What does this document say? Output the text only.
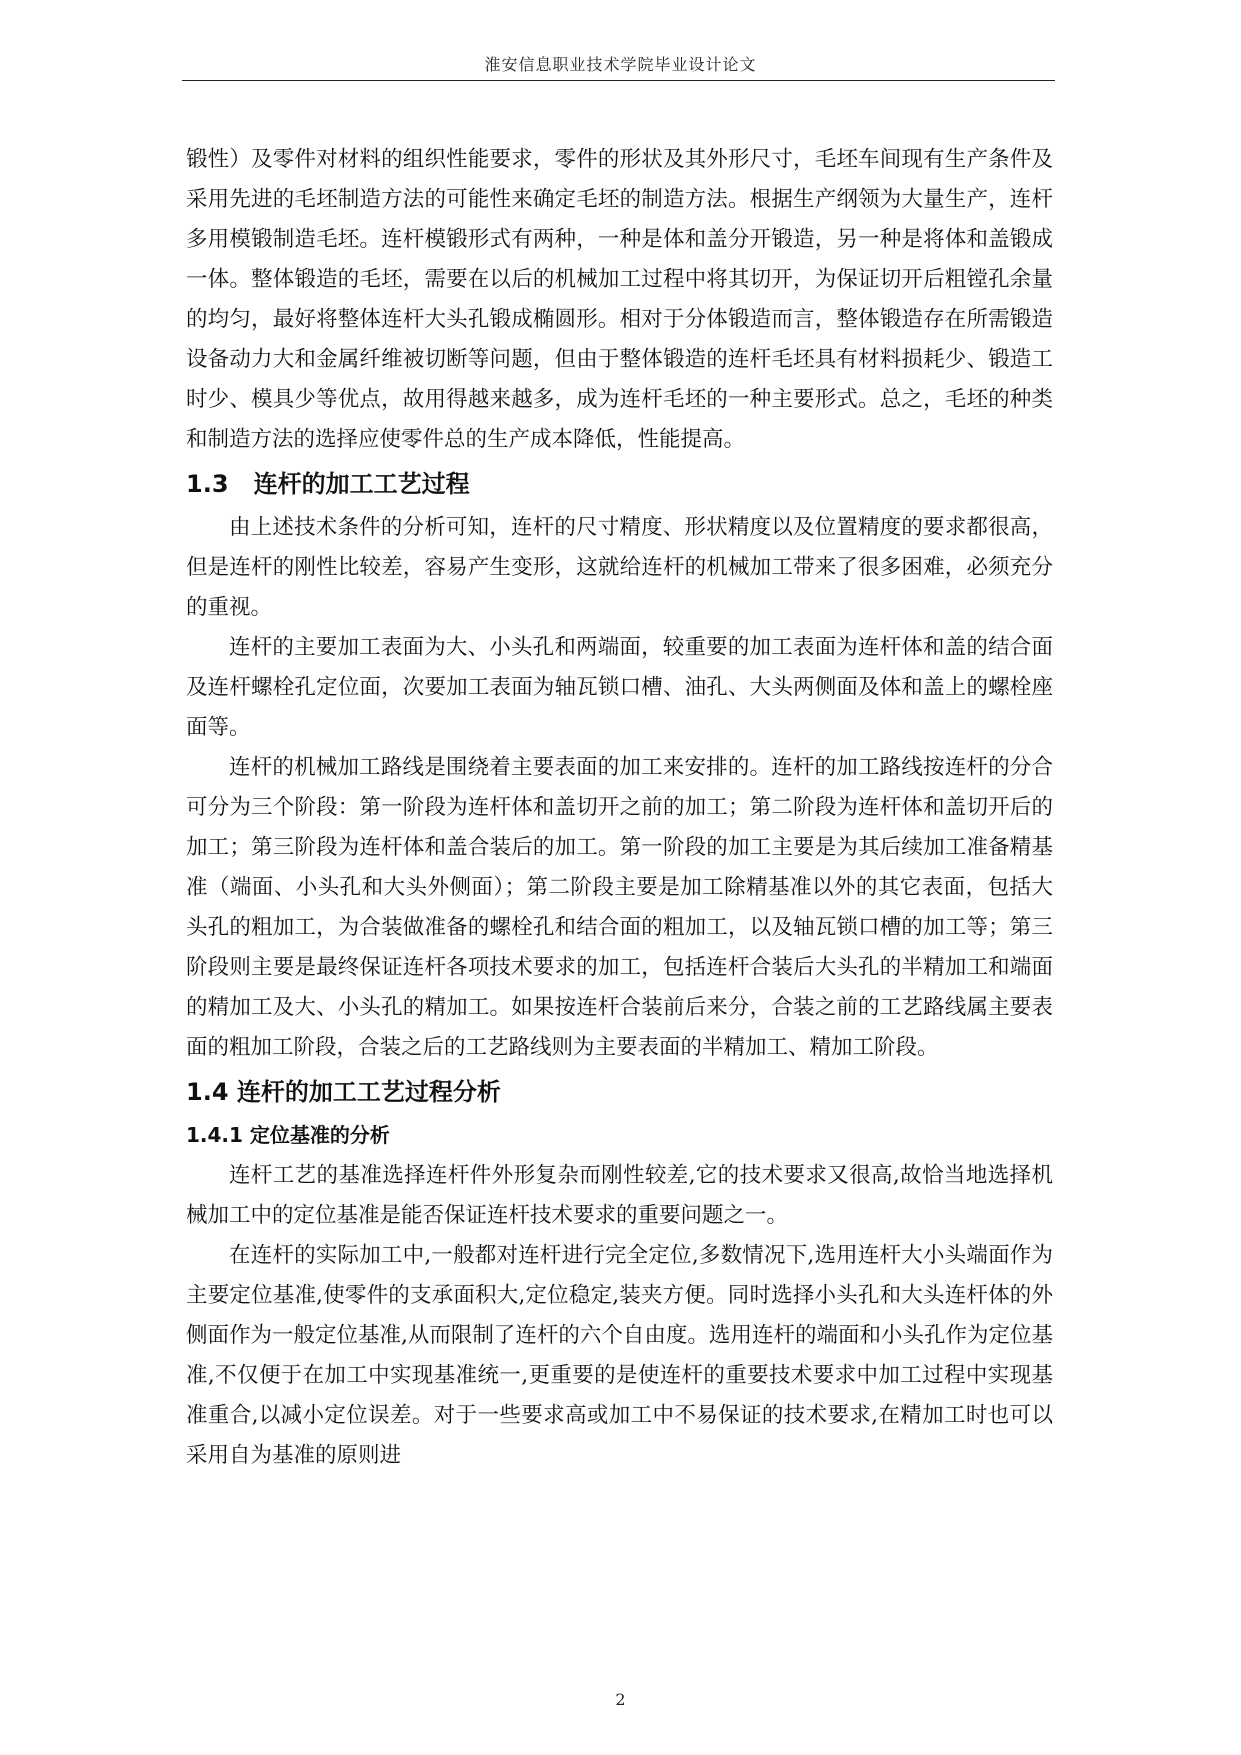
淮安信息职业技术学院毕业设计论文

锻性）及零件对材料的组织性能要求，零件的形状及其外形尺寸，毛坯车间现有生产条件及采用先进的毛坯制造方法的可能性来确定毛坯的制造方法。根据生产纲领为大量生产，连杆多用模锻制造毛坯。连杆模锻形式有两种，一种是体和盖分开锻造，另一种是将体和盖锻成一体。整体锻造的毛坯，需要在以后的机械加工过程中将其切开，为保证切开后粗镗孔余量的均匀，最好将整体连杆大头孔锻成椭圆形。相对于分体锻造而言，整体锻造存在所需锻造设备动力大和金属纤维被切断等问题，但由于整体锻造的连杆毛坯具有材料损耗少、锻造工时少、模具少等优点，故用得越来越多，成为连杆毛坯的一种主要形式。总之，毛坯的种类和制造方法的选择应使零件总的生产成本降低，性能提高。

1.3   连杆的加工工艺过程

由上述技术条件的分析可知，连杆的尺寸精度、形状精度以及位置精度的要求都很高，但是连杆的刚性比较差，容易产生变形，这就给连杆的机械加工带来了很多困难，必须充分的重视。

连杆的主要加工表面为大、小头孔和两端面，较重要的加工表面为连杆体和盖的结合面及连杆螺栓孔定位面，次要加工表面为轴瓦锁口槽、油孔、大头两侧面及体和盖上的螺栓座面等。

连杆的机械加工路线是围绕着主要表面的加工来安排的。连杆的加工路线按连杆的分合可分为三个阶段：第一阶段为连杆体和盖切开之前的加工；第二阶段为连杆体和盖切开后的加工；第三阶段为连杆体和盖合装后的加工。第一阶段的加工主要是为其后续加工准备精基准（端面、小头孔和大头外侧面）；第二阶段主要是加工除精基准以外的其它表面，包括大头孔的粗加工，为合装做准备的螺栓孔和结合面的粗加工，以及轴瓦锁口槽的加工等；第三阶段则主要是最终保证连杆各项技术要求的加工，包括连杆合装后大头孔的半精加工和端面的精加工及大、小头孔的精加工。如果按连杆合装前后来分，合装之前的工艺路线属主要表面的粗加工阶段，合装之后的工艺路线则为主要表面的半精加工、精加工阶段。

1.4 连杆的加工工艺过程分析
1.4.1 定位基准的分析

连杆工艺的基准选择连杆件外形复杂而刚性较差,它的技术要求又很高,故恰当地选择机械加工中的定位基准是能否保证连杆技术要求的重要问题之一。

在连杆的实际加工中,一般都对连杆进行完全定位,多数情况下,选用连杆大小头端面作为主要定位基准,使零件的支承面积大,定位稳定,装夹方便。同时选择小头孔和大头连杆体的外侧面作为一般定位基准,从而限制了连杆的六个自由度。选用连杆的端面和小头孔作为定位基准,不仅便于在加工中实现基准统一,更重要的是使连杆的重要技术要求中加工过程中实现基准重合,以减小定位误差。对于一些要求高或加工中不易保证的技术要求,在精加工时也可以采用自为基准的原则进

2
